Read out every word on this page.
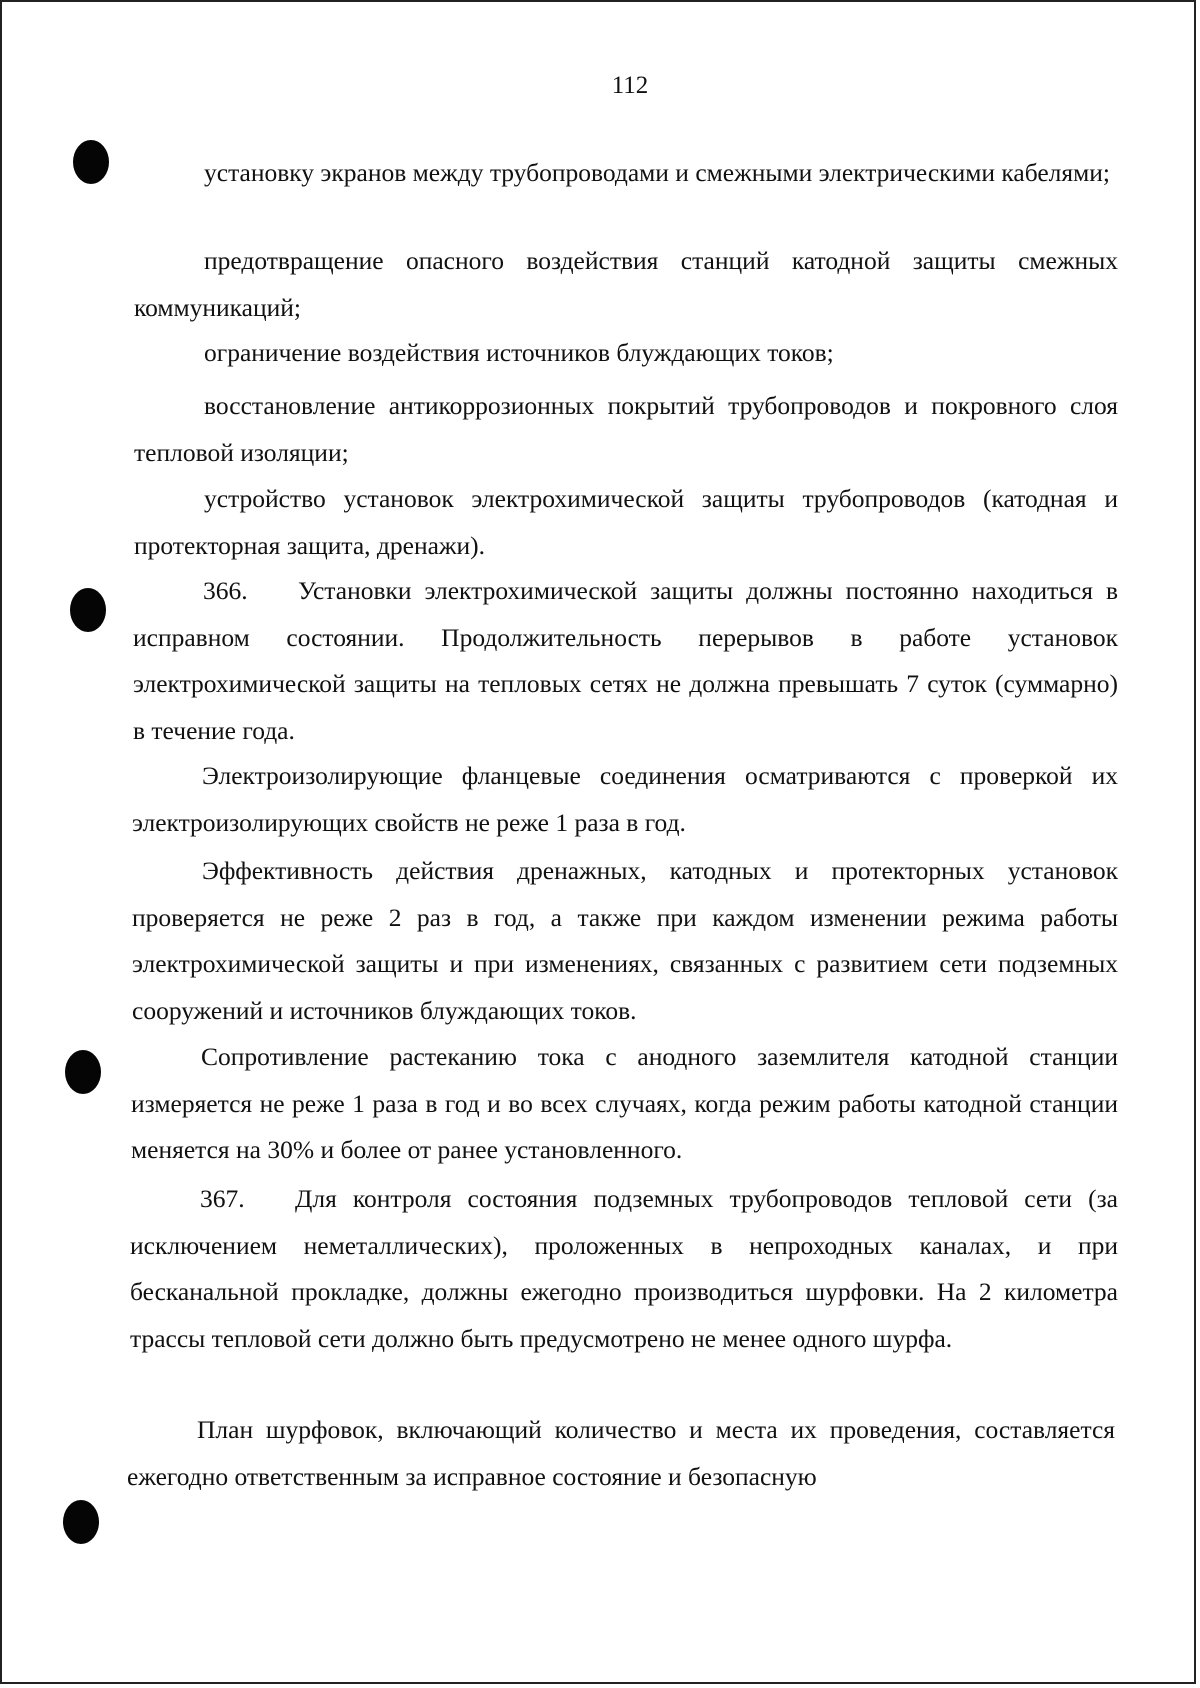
112

установку экранов между трубопроводами и смежными электрическими кабелями;

предотвращение опасного воздействия станций катодной защиты смежных коммуникаций;

ограничение воздействия источников блуждающих токов;

восстановление антикоррозионных покрытий трубопроводов и покровного слоя тепловой изоляции;

устройство установок электрохимической защиты трубопроводов (катодная и протекторная защита, дренажи).

366. Установки электрохимической защиты должны постоянно находиться в исправном состоянии. Продолжительность перерывов в работе установок электрохимической защиты на тепловых сетях не должна превышать 7 суток (суммарно) в течение года.

Электроизолирующие фланцевые соединения осматриваются с проверкой их электроизолирующих свойств не реже 1 раза в год.

Эффективность действия дренажных, катодных и протекторных установок проверяется не реже 2 раз в год, а также при каждом изменении режима работы электрохимической защиты и при изменениях, связанных с развитием сети подземных сооружений и источников блуждающих токов.

Сопротивление растеканию тока с анодного заземлителя катодной станции измеряется не реже 1 раза в год и во всех случаях, когда режим работы катодной станции меняется на 30% и более от ранее установленного.

367. Для контроля состояния подземных трубопроводов тепловой сети (за исключением неметаллических), проложенных в непроходных каналах, и при бесканальной прокладке, должны ежегодно производиться шурфовки. На 2 километра трассы тепловой сети должно быть предусмотрено не менее одного шурфа.

План шурфовок, включающий количество и места их проведения, составляется ежегодно ответственным за исправное состояние и безопасную
